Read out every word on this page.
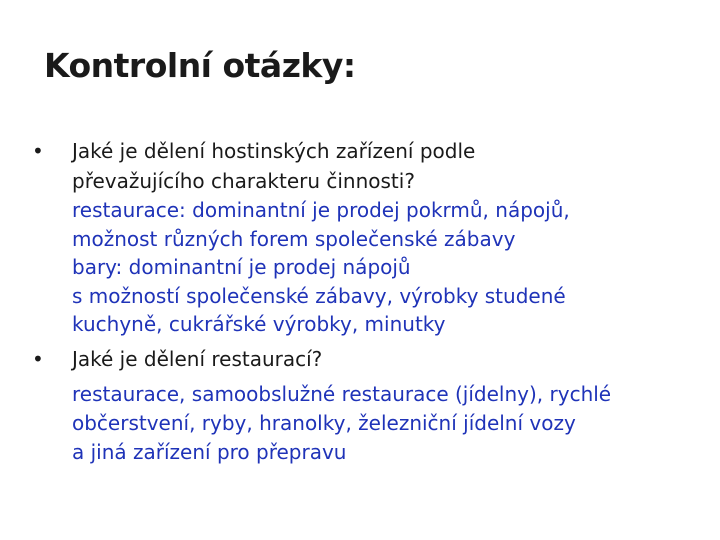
Kontrolní otázky:
• Jaké je dělení hostinských zařízení podle
převažujícího charakteru činnosti?
restaurace: dominantní je prodej pokrmů, nápojů,
možnost různých forem společenské zábavy
bary: dominantní je prodej nápojů
s možností společenské zábavy, výrobky studené
kuchyně, cukrářské výrobky, minutky
• Jaké je dělení restaurací?
restaurace, samoobslužné restaurace (jídelny), rychlé
občerstvení, ryby, hranolky, železniční jídelní vozy
a jiná zařízení pro přepravu
